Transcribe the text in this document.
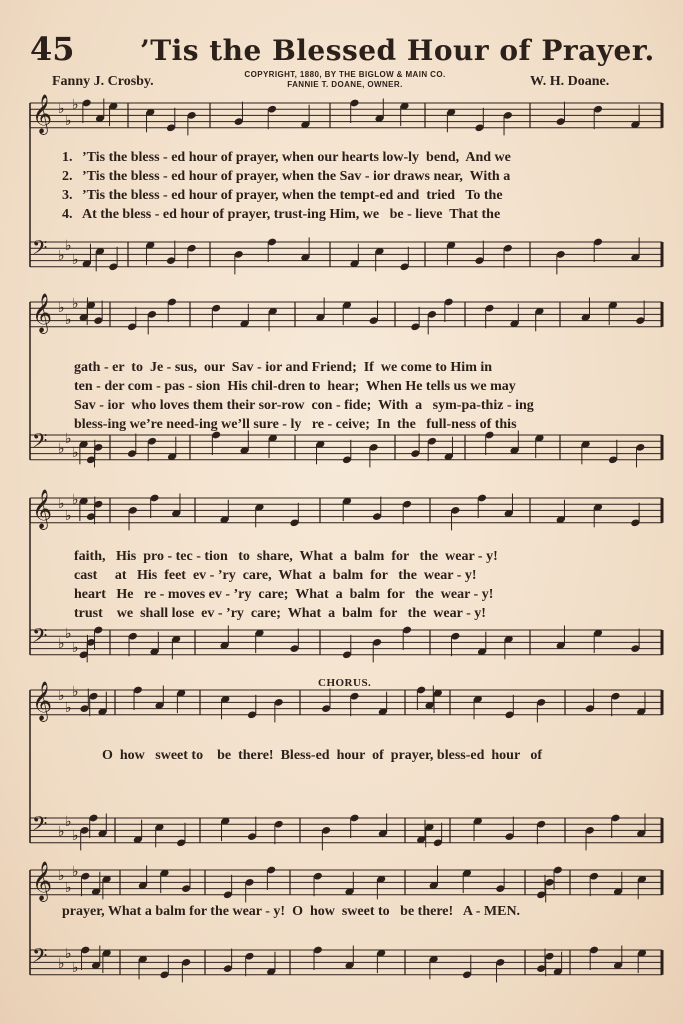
45 ’Tis the Blessed Hour of Prayer.
Fanny J. Crosby.	COPYRIGHT, 1880, BY THE BIGLOW & MAIN CO.
FANNIE T. DOANE, OWNER.	W. H. Doane.
𝄞 ♭
♭
♭
𝄢 ♭
♭
♭
𝄞 ♭
♭
♭
𝄢 ♭
♭
♭
𝄞 ♭
♭
♭
𝄢 ♭
♭
♭
𝄞 ♭
♭
♭
𝄢 ♭
♭
♭
𝄞 ♭
♭
♭
𝄢 ♭
♭
♭
CHORUS.
1. ’Tis the bless - ed hour of prayer, when our hearts low-ly  bend,  And we
2. ’Tis the bless - ed hour of prayer, when the Sav - ior draws near,  With a
3. ’Tis the bless - ed hour of prayer, when the tempt-ed and  tried   To the
4. At the bless - ed hour of prayer, trust-ing Him, we   be - lieve  That the
gath - er  to  Je - sus,  our  Sav - ior and Friend;  If  we come to Him in
ten - der com - pas - sion  His chil-dren to  hear;  When He tells us we may
Sav - ior  who loves them their sor-row  con - fide;  With  a   sym-pa-thiz - ing
bless-ing we’re need-ing we’ll sure - ly   re - ceive;  In  the   full-ness of this
faith,   His  pro - tec - tion   to  share,  What  a  balm  for   the  wear - y!
cast     at   His  feet  ev - ’ry  care,  What  a  balm  for   the  wear - y!
heart   He   re - moves ev - ’ry  care;  What  a  balm  for   the  wear - y!
trust    we  shall lose  ev - ’ry  care;  What  a  balm  for   the  wear - y!
O  how   sweet to    be  there!  Bless-ed  hour  of  prayer, bless-ed  hour   of
prayer, What a balm for the wear - y!  O  how  sweet to   be there!   A - MEN.
